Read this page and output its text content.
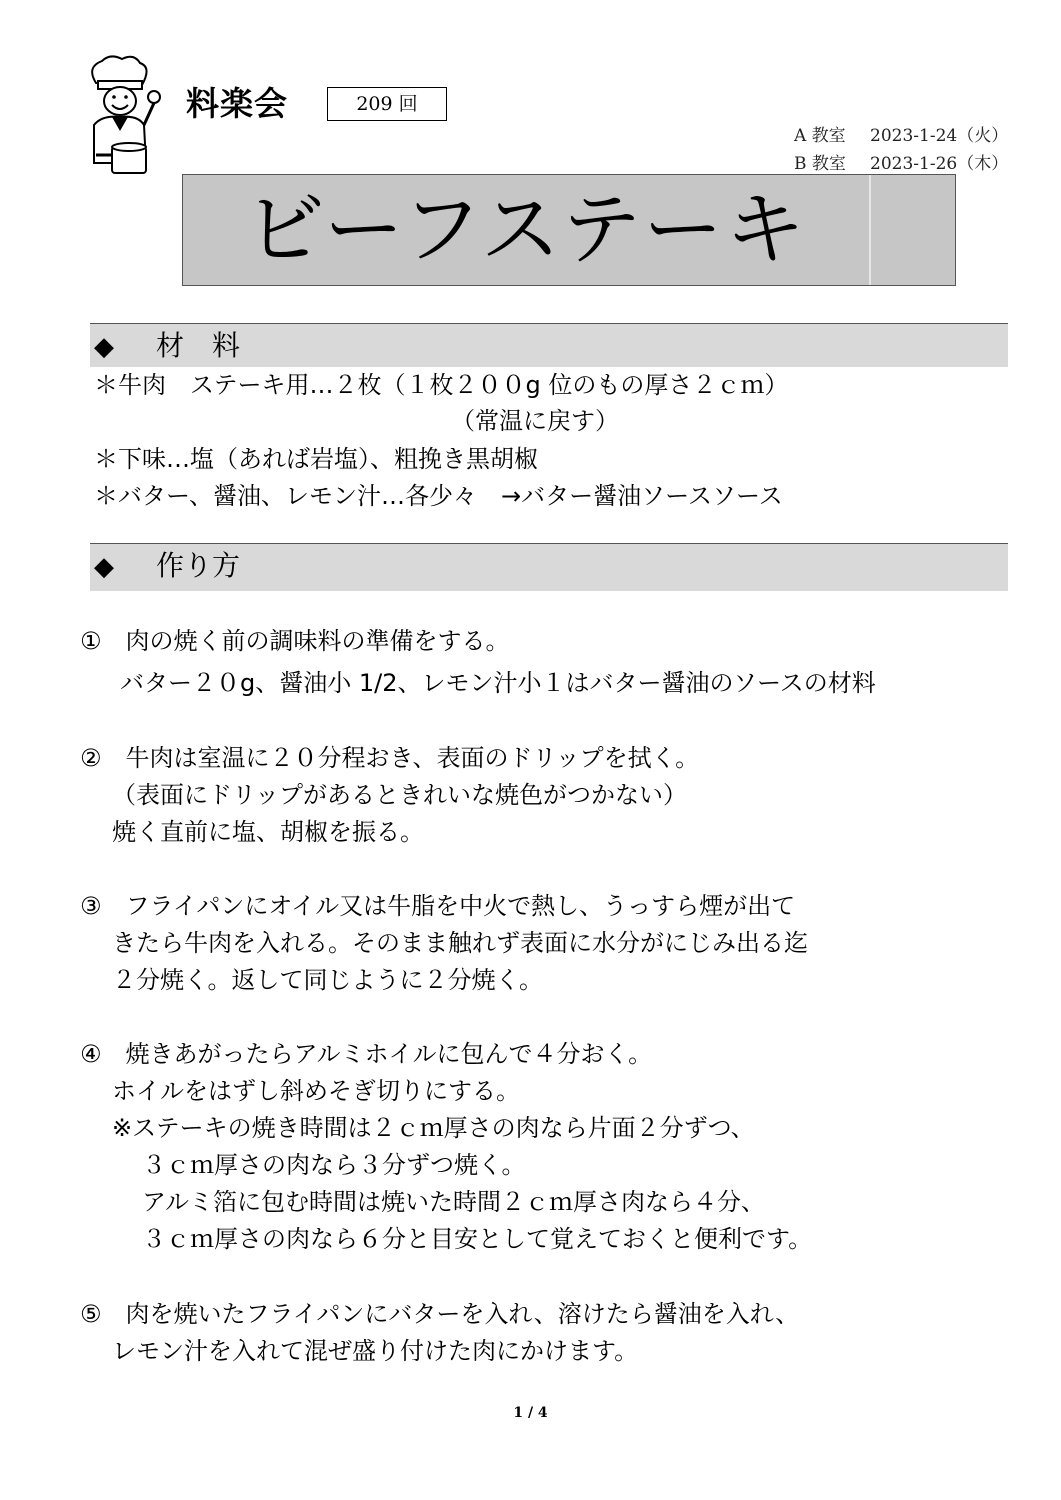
料楽会	209 回
A 教室 2023-1-24（火）
B 教室 2023-1-26（木）
ビーフステーキ
◆ 材　料
＊牛肉　ステーキ用…２枚（１枚２００g 位のもの厚さ２ｃｍ）
（常温に戻す）
＊下味…塩（あれば岩塩）、粗挽き黒胡椒
＊バター、醤油、レモン汁…各少々　→バター醤油ソースソース
◆ 作り方
①　肉の焼く前の調味料の準備をする。
バター２０g、醤油小 1/2、レモン汁小１はバター醤油のソースの材料
②　牛肉は室温に２０分程おき、表面のドリップを拭く。
（表面にドリップがあるときれいな焼色がつかない）
焼く直前に塩、胡椒を振る。
③　フライパンにオイル又は牛脂を中火で熱し、うっすら煙が出て
きたら牛肉を入れる。そのまま触れず表面に水分がにじみ出る迄
２分焼く。返して同じように２分焼く。
④　焼きあがったらアルミホイルに包んで４分おく。
ホイルをはずし斜めそぎ切りにする。
※ステーキの焼き時間は２ｃｍ厚さの肉なら片面２分ずつ、
３ｃｍ厚さの肉なら３分ずつ焼く。
アルミ箔に包む時間は焼いた時間２ｃｍ厚さ肉なら４分、
３ｃｍ厚さの肉なら６分と目安として覚えておくと便利です。
⑤　肉を焼いたフライパンにバターを入れ、溶けたら醤油を入れ、
レモン汁を入れて混ぜ盛り付けた肉にかけます。
1 / 4
